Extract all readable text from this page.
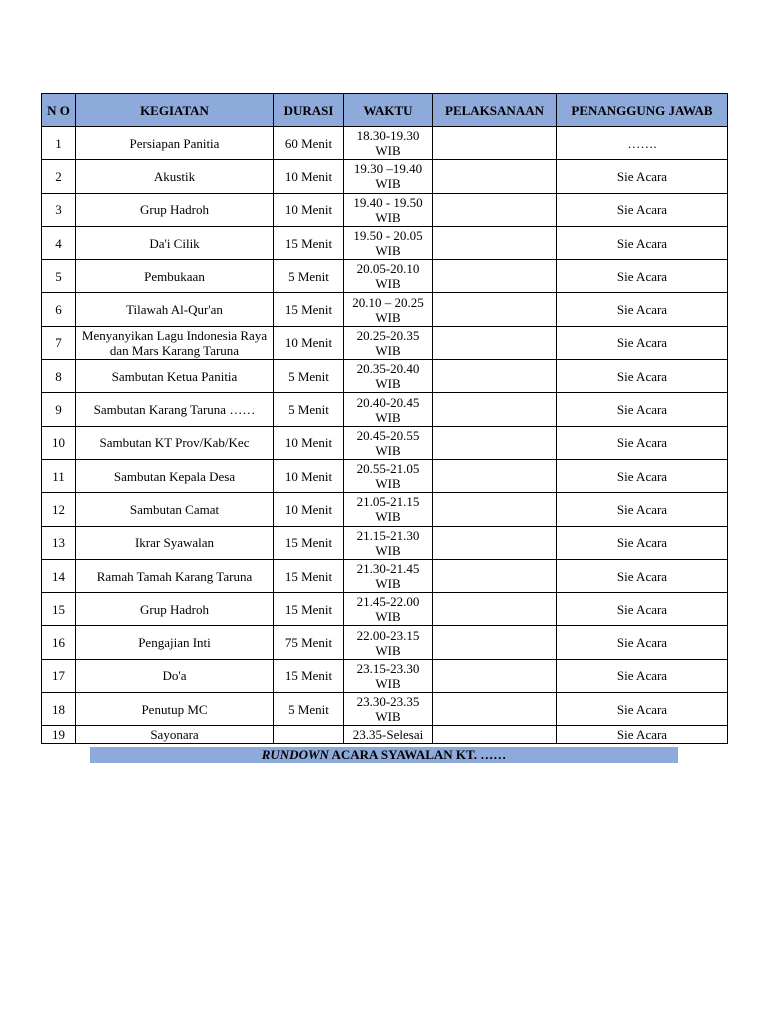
N O	KEGIATAN	DURASI	WAKTU	PELAKSANAAN	PENANGGUNG JAWAB
1	Persiapan Panitia	60 Menit	18.30-19.30 WIB		…….
2	Akustik	10 Menit	19.30 –19.40 WIB		Sie Acara
3	Grup Hadroh	10 Menit	19.40 - 19.50 WIB		Sie Acara
4	Da'i Cilik	15 Menit	19.50 - 20.05 WIB		Sie Acara
5	Pembukaan	5 Menit	20.05-20.10 WIB		Sie Acara
6	Tilawah Al-Qur'an	15 Menit	20.10 – 20.25 WIB		Sie Acara
7	Menyanyikan Lagu Indonesia Raya dan Mars Karang Taruna	10 Menit	20.25-20.35 WIB		Sie Acara
8	Sambutan Ketua Panitia	5 Menit	20.35-20.40 WIB		Sie Acara
9	Sambutan Karang Taruna ……	5 Menit	20.40-20.45 WIB		Sie Acara
10	Sambutan KT Prov/Kab/Kec	10 Menit	20.45-20.55 WIB		Sie Acara
11	Sambutan Kepala Desa	10 Menit	20.55-21.05 WIB		Sie Acara
12	Sambutan Camat	10 Menit	21.05-21.15 WIB		Sie Acara
13	Ikrar Syawalan	15 Menit	21.15-21.30 WIB		Sie Acara
14	Ramah Tamah Karang Taruna	15 Menit	21.30-21.45 WIB		Sie Acara
15	Grup Hadroh	15 Menit	21.45-22.00 WIB		Sie Acara
16	Pengajian Inti	75 Menit	22.00-23.15 WIB		Sie Acara
17	Do'a	15 Menit	23.15-23.30 WIB		Sie Acara
18	Penutup MC	5 Menit	23.30-23.35 WIB		Sie Acara
19	Sayonara		23.35-Selesai		Sie Acara
RUNDOWN ACARA SYAWALAN KT. ……
